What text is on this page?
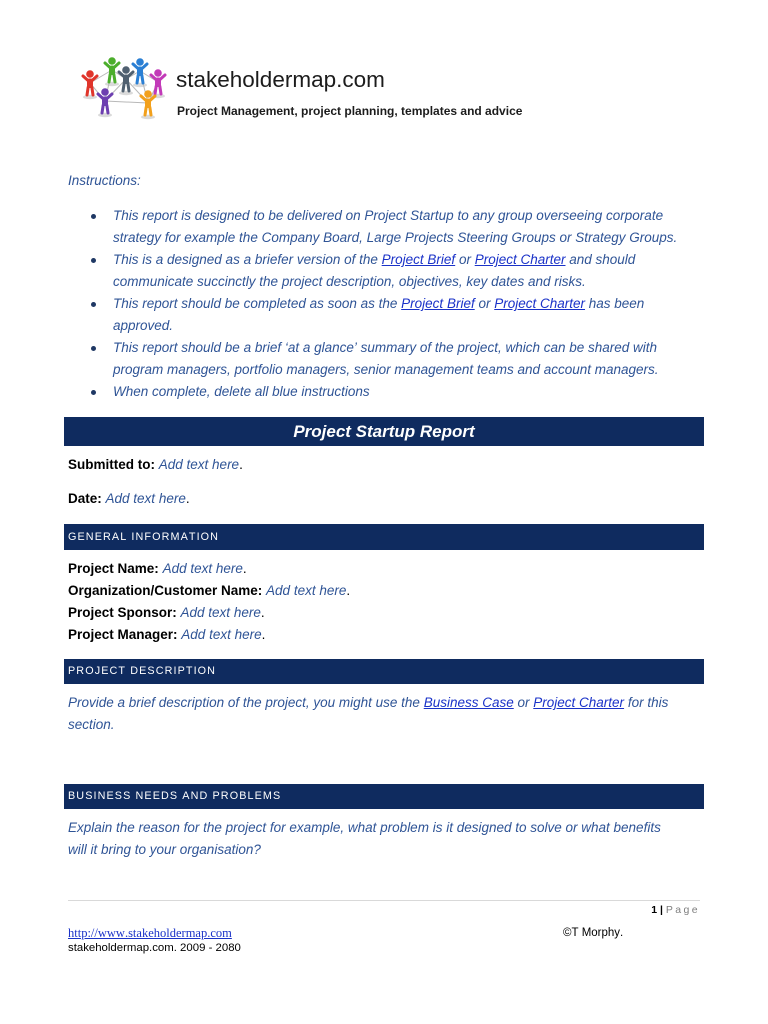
stakeholdermap.com
Project Management, project planning, templates and advice
Instructions:
This report is designed to be delivered on Project Startup to any group overseeing corporate strategy for example the Company Board, Large Projects Steering Groups or Strategy Groups.
This is a designed as a briefer version of the Project Brief or Project Charter and should communicate succinctly the project description, objectives, key dates and risks.
This report should be completed as soon as the Project Brief or Project Charter has been approved.
This report should be a brief ‘at a glance’ summary of the project, which can be shared with program managers, portfolio managers, senior management teams and account managers.
When complete, delete all blue instructions
Project Startup Report
Submitted to: Add text here.
Date: Add text here.
GENERAL INFORMATION
Project Name: Add text here.
Organization/Customer Name: Add text here.
Project Sponsor: Add text here.
Project Manager: Add text here.
PROJECT DESCRIPTION
Provide a brief description of the project, you might use the Business Case or Project Charter for this section.
BUSINESS NEEDS AND PROBLEMS
Explain the reason for the project for example, what problem is it designed to solve or what benefits will it bring to your organisation?
1 | Page
http://www.stakeholdermap.com	©T Morphy.
stakeholdermap.com. 2009 - 2080
